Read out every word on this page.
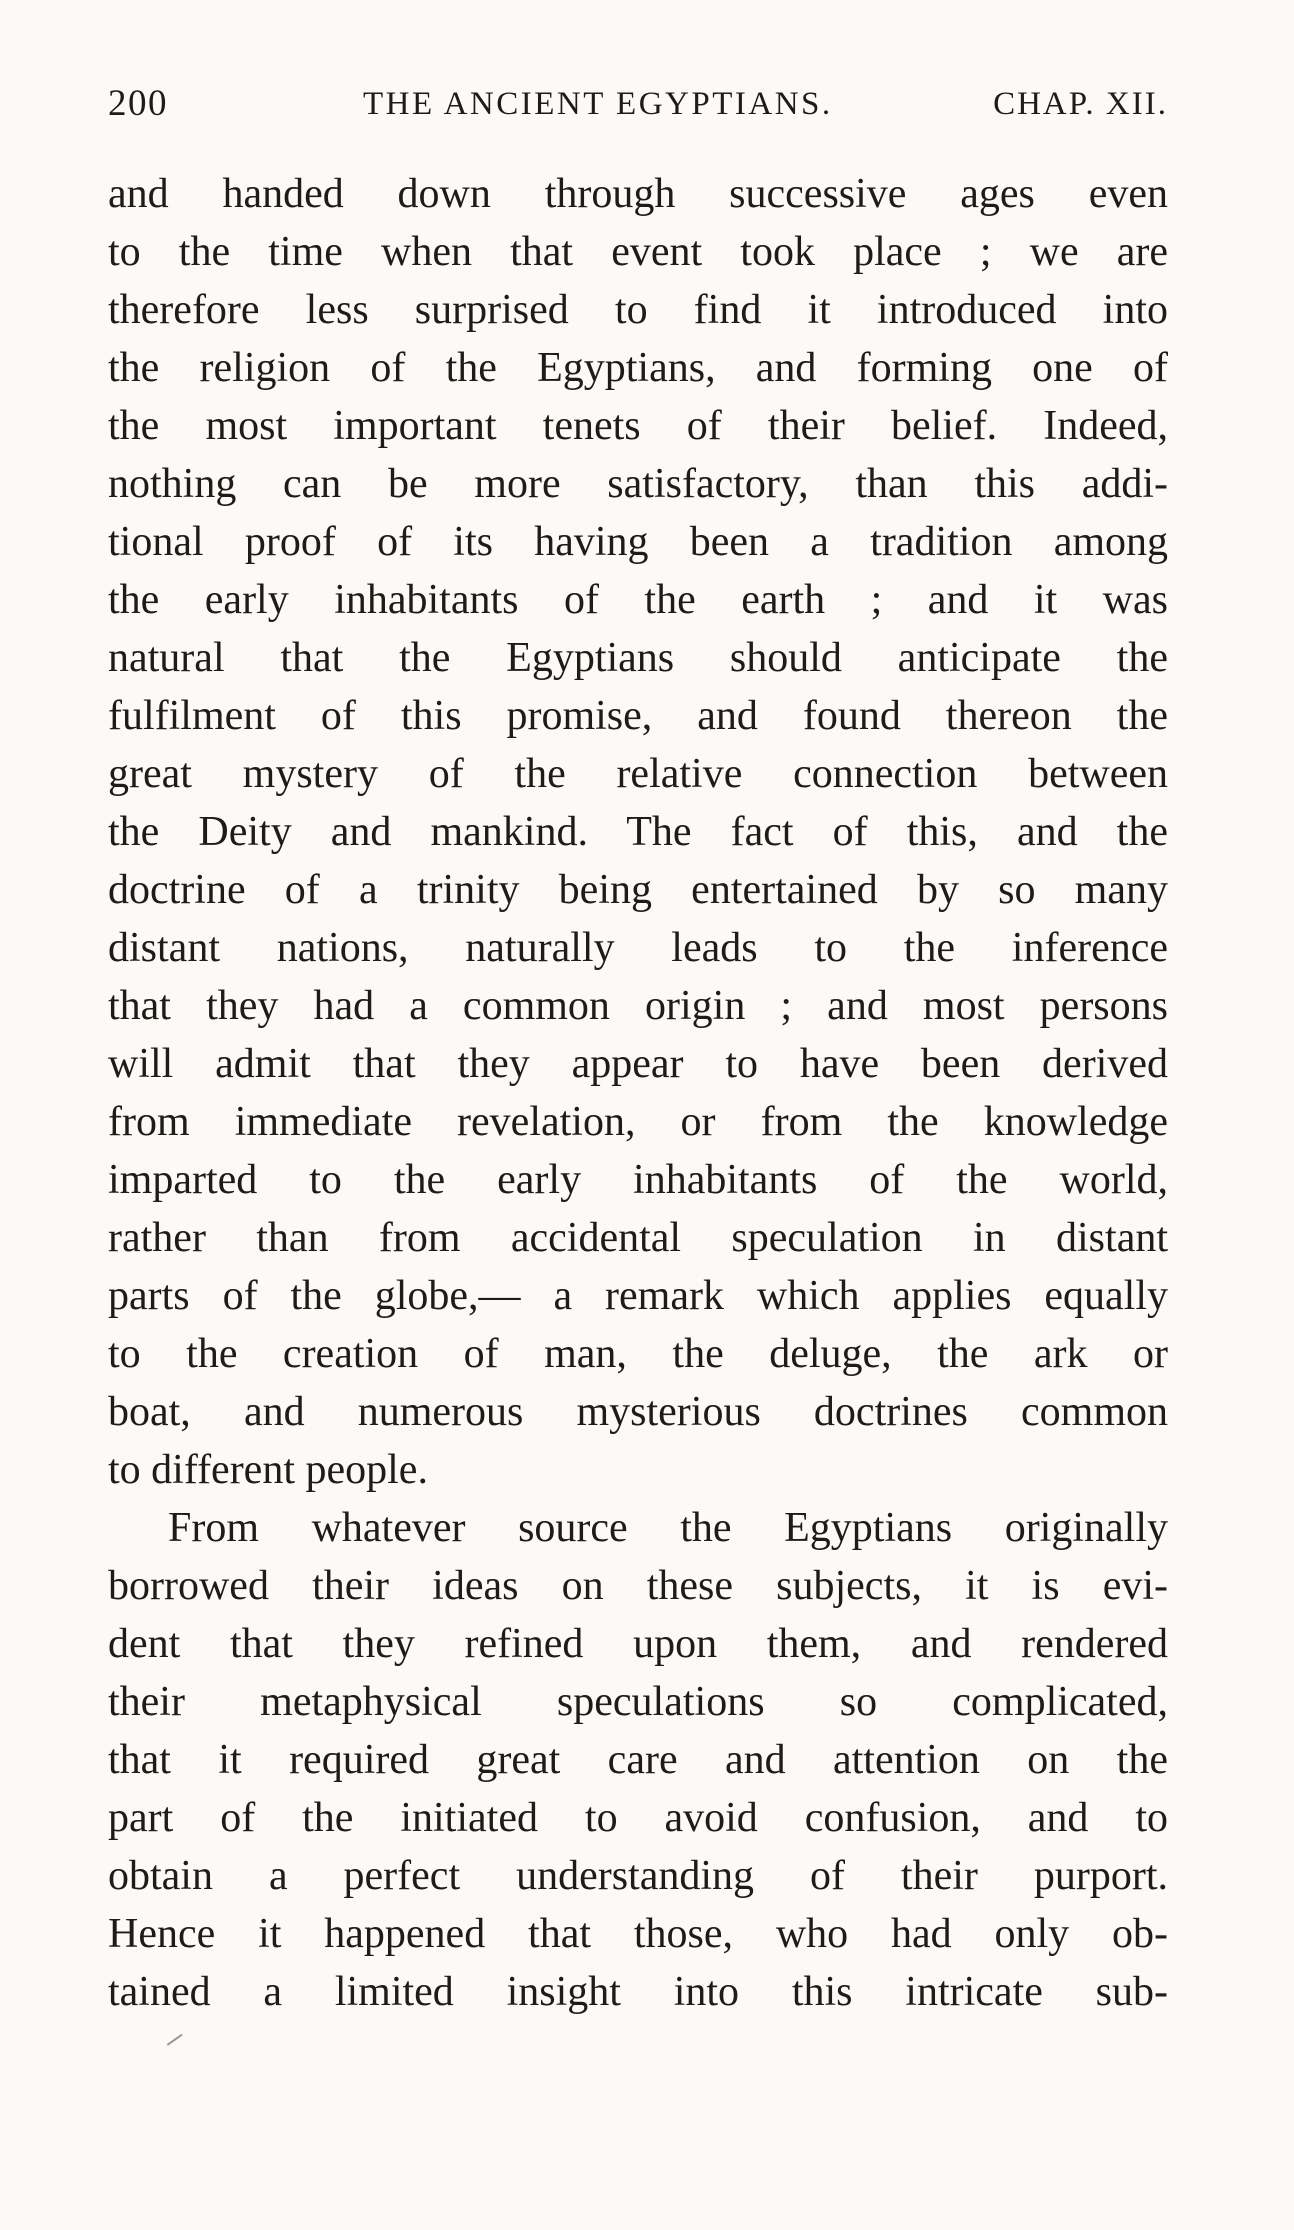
200	THE ANCIENT EGYPTIANS.	CHAP. XII.
and handed down through successive ages even
to the time when that event took place ; we are
therefore less surprised to find it introduced into
the religion of the Egyptians, and forming one of
the most important tenets of their belief. Indeed,
nothing can be more satisfactory, than this addi-
tional proof of its having been a tradition among
the early inhabitants of the earth ; and it was
natural that the Egyptians should anticipate the
fulfilment of this promise, and found thereon the
great mystery of the relative connection between
the Deity and mankind. The fact of this, and the
doctrine of a trinity being entertained by so many
distant nations, naturally leads to the inference
that they had a common origin ; and most persons
will admit that they appear to have been derived
from immediate revelation, or from the knowledge
imparted to the early inhabitants of the world,
rather than from accidental speculation in distant
parts of the globe,— a remark which applies equally
to the creation of man, the deluge, the ark or
boat, and numerous mysterious doctrines common
to different people.
From whatever source the Egyptians originally
borrowed their ideas on these subjects, it is evi-
dent that they refined upon them, and rendered
their metaphysical speculations so complicated,
that it required great care and attention on the
part of the initiated to avoid confusion, and to
obtain a perfect understanding of their purport.
Hence it happened that those, who had only ob-
tained a limited insight into this intricate sub-
